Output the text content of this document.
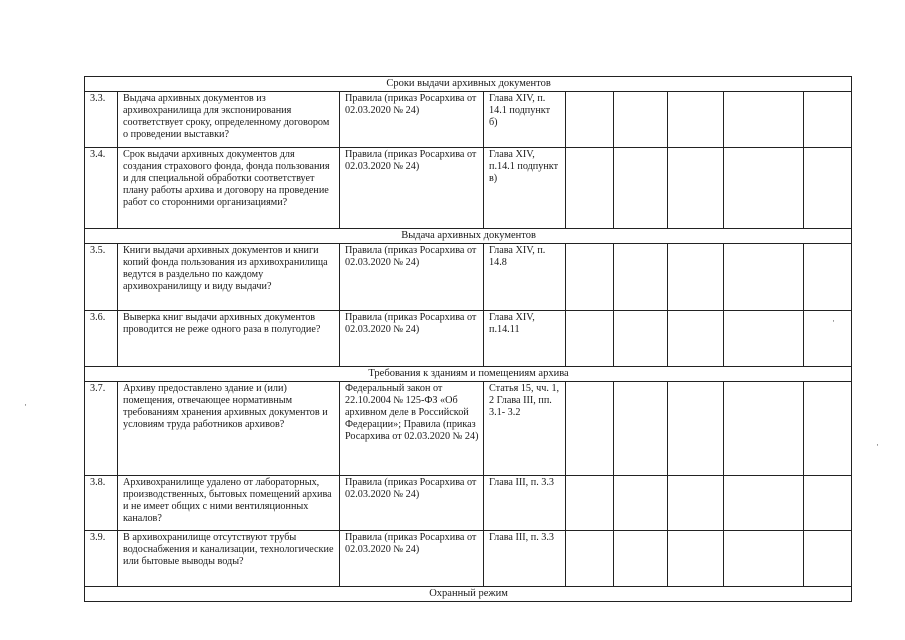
Сроки выдачи архивных документов								
3.3.	Выдача архивных документов из архивохранилища для экспонирования соответствует сроку, определенному договором о проведении выставки?	Правила (приказ Росархива от 02.03.2020 № 24)	Глава XIV, п. 14.1 подпункт б)					
3.4.	Срок выдачи архивных документов для создания страхового фонда, фонда пользования и для специальной обработки соответствует плану работы архива и договору на проведение работ со сторонними организациями?	Правила (приказ Росархива от 02.03.2020 № 24)	Глава XIV, п.14.1 подпункт в)					
Выдача архивных документов								
3.5.	Книги выдачи архивных документов и книги копий фонда пользования из архивохранилища ведутся в раздельно по каждому архивохранилищу и виду выдачи?	Правила (приказ Росархива от 02.03.2020 № 24)	Глава XIV, п. 14.8					
3.6.	Выверка книг выдачи архивных документов проводится не реже одного раза в полугодие?	Правила (приказ Росархива от 02.03.2020 № 24)	Глава XIV, п.14.11					
Требования к зданиям и помещениям архива								
3.7.	Архиву предоставлено здание и (или) помещения, отвечающее нормативным требованиям хранения архивных документов и условиям труда работников архивов?	Федеральный закон от 22.10.2004 № 125-ФЗ «Об архивном деле в Российской Федерации»; Правила (приказ Росархива от 02.03.2020 № 24)	Статья 15, чч. 1, 2 Глава III, пп. 3.1- 3.2					
3.8.	Архивохранилище удалено от лабораторных, производственных, бытовых помещений архива и не имеет общих с ними вентиляционных каналов?	Правила (приказ Росархива от 02.03.2020 № 24)	Глава III, п. 3.3					
3.9.	В архивохранилище отсутствуют трубы водоснабжения и канализации, технологические или бытовые выводы воды?	Правила (приказ Росархива от 02.03.2020 № 24)	Глава III, п. 3.3					
Охранный режим								
·
·
·
